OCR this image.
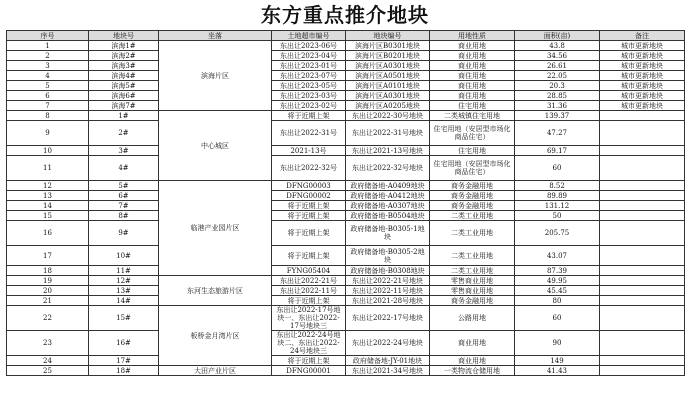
东方重点推介地块
序号	地块号	坐落	土地超市编号	地块编号	用地性质	面积(亩)	备注
1	滨海1#	滨海片区	东出让2023-06号	滨海片区B0301地块	商业用地	43.8	城市更新地块
2	滨海2#		东出让2023-04号	滨海片区B0201地块	商业用地	34.56	城市更新地块
3	滨海3#		东出让2023-01号	滨海片区A0301地块	商业用地	26.61	城市更新地块
4	滨海4#		东出让2023-07号	滨海片区A0501地块	商住用地	22.05	城市更新地块
5	滨海5#		东出让2023-05号	滨海片区A0101地块	商住用地	20.3	城市更新地块
6	滨海6#		东出让2023-03号	滨海片区A0301地块	商住用地	28.85	城市更新地块
7	滨海7#		东出让2023-02号	滨海片区A0205地块	住宅用地	31.36	城市更新地块
8	1#	中心城区	将于近期上架	东出让2022-30号地块	二类城镇住宅用地	139.37	
9	2#		东出让2022-31号	东出让2022-31号地块	住宅用地（安居型市场化商品住宅）	47.27	
10	3#		2021-13号	东出让2021-13号地块	住宅用地	69.17	
11	4#		东出让2022-32号	东出让2022-32号地块	住宅用地（安居型市场化商品住宅）	60	
12	5#	临港产业园片区	DFNG00003	政府储备地-A0409地块	商务金融用地	8.52	
13	6#		DFNG00002	政府储备地-A0412地块	商务金融用地	89.89	
14	7#		将于近期上架	政府储备地-A0307地块	商务金融用地	131.12	
15	8#		将于近期上架	政府储备地-B0504地块	二类工业用地	50	
16	9#		将于近期上架	政府储备地-B0305-1地块	二类工业用地	205.75	
17	10#		将于近期上架	政府储备地-B0305-2地块	二类工业用地	43.07	
18	11#		FYNG05404	政府储备地-B0308地块	二类工业用地	87.39	
19	12#	东河生态旅游片区	东出让2022-21号	东出让2022-21号地块	零售商业用地	49.95	
20	13#		东出让2022-11号	东出让2022-11号地块	零售商业用地	45.45	
21	14#		将于近期上架	东出让2021-28号地块	商务金融用地	80	
22	15#	板桥金月湾片区	东出让2022-17号地块一、东出让2022-17号地块三	东出让2022-17号地块	公路用地	60	
23	16#		东出让2022-24号地块二、东出让2022-24号地块三	东出让2022-24号地块	商业用地	90	
24	17#		将于近期上架	政府储备地-JY-01地块	商业用地	149	
25	18#	大田产业片区	DFNG00001	东出让2021-34号地块	一类物流仓储用地	41.43	
